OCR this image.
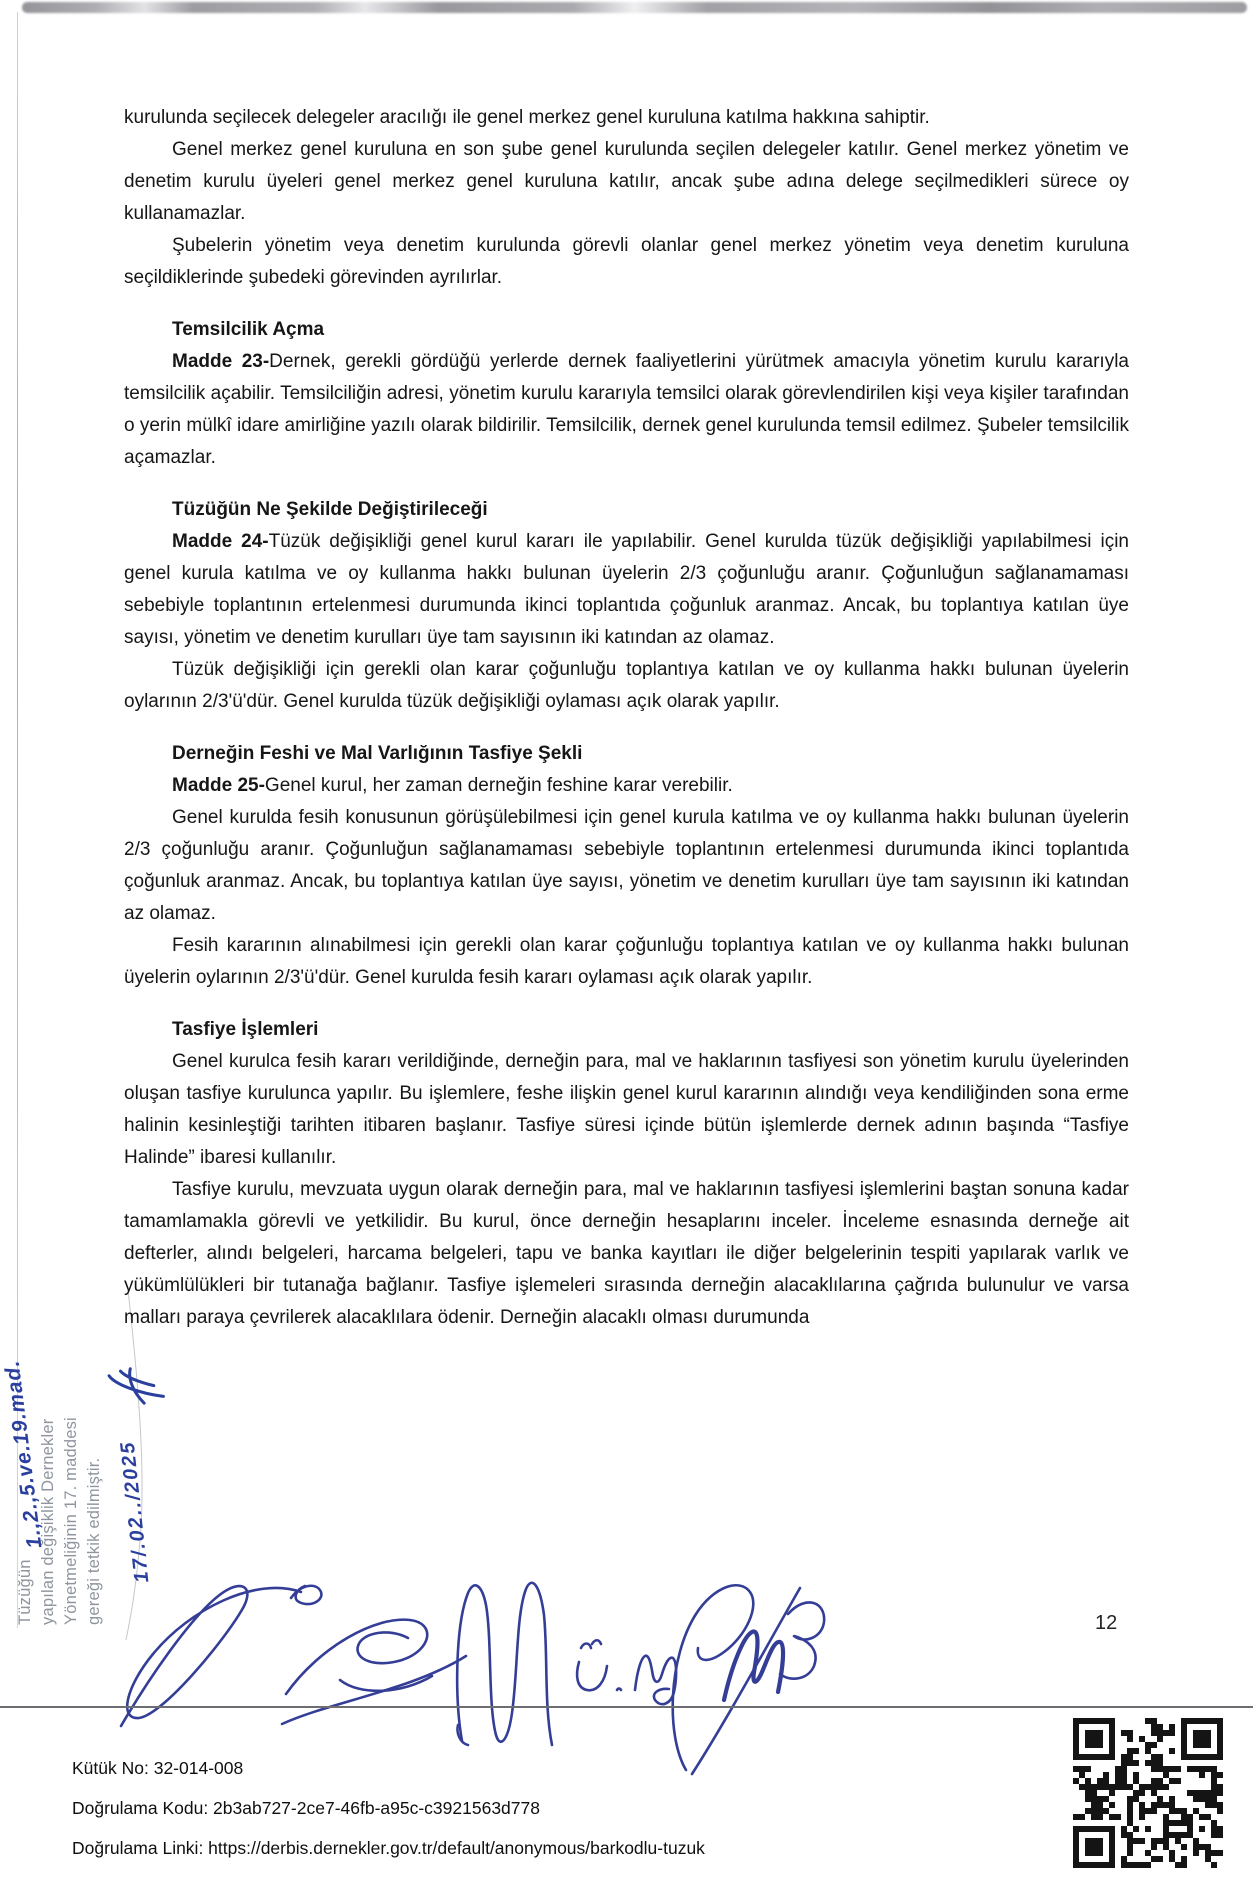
kurulunda seçilecek delegeler aracılığı ile genel merkez genel kuruluna katılma hakkına sahiptir.

Genel merkez genel kuruluna en son şube genel kurulunda seçilen delegeler katılır. Genel merkez yönetim ve denetim kurulu üyeleri genel merkez genel kuruluna katılır, ancak şube adına delege seçilmedikleri sürece oy kullanamazlar.

Şubelerin yönetim veya denetim kurulunda görevli olanlar genel merkez yönetim veya denetim kuruluna seçildiklerinde şubedeki görevinden ayrılırlar.

Temsilcilik Açma

Madde 23-Dernek, gerekli gördüğü yerlerde dernek faaliyetlerini yürütmek amacıyla yönetim kurulu kararıyla temsilcilik açabilir. Temsilciliğin adresi, yönetim kurulu kararıyla temsilci olarak görevlendirilen kişi veya kişiler tarafından o yerin mülkî idare amirliğine yazılı olarak bildirilir. Temsilcilik, dernek genel kurulunda temsil edilmez. Şubeler temsilcilik açamazlar.

Tüzüğün Ne Şekilde Değiştirileceği

Madde 24-Tüzük değişikliği genel kurul kararı ile yapılabilir. Genel kurulda tüzük değişikliği yapılabilmesi için genel kurula katılma ve oy kullanma hakkı bulunan üyelerin 2/3 çoğunluğu aranır. Çoğunluğun sağlanamaması sebebiyle toplantının ertelenmesi durumunda ikinci toplantıda çoğunluk aranmaz. Ancak, bu toplantıya katılan üye sayısı, yönetim ve denetim kurulları üye tam sayısının iki katından az olamaz.

Tüzük değişikliği için gerekli olan karar çoğunluğu toplantıya katılan ve oy kullanma hakkı bulunan üyelerin oylarının 2/3'ü'dür. Genel kurulda tüzük değişikliği oylaması açık olarak yapılır.

Derneğin Feshi ve Mal Varlığının Tasfiye Şekli

Madde 25-Genel kurul, her zaman derneğin feshine karar verebilir.

Genel kurulda fesih konusunun görüşülebilmesi için genel kurula katılma ve oy kullanma hakkı bulunan üyelerin 2/3 çoğunluğu aranır. Çoğunluğun sağlanamaması sebebiyle toplantının ertelenmesi durumunda ikinci toplantıda çoğunluk aranmaz. Ancak, bu toplantıya katılan üye sayısı, yönetim ve denetim kurulları üye tam sayısının iki katından az olamaz.

Fesih kararının alınabilmesi için gerekli olan karar çoğunluğu toplantıya katılan ve oy kullanma hakkı bulunan üyelerin oylarının 2/3'ü'dür. Genel kurulda fesih kararı oylaması açık olarak yapılır.

Tasfiye İşlemleri

Genel kurulca fesih kararı verildiğinde, derneğin para, mal ve haklarının tasfiyesi son yönetim kurulu üyelerinden oluşan tasfiye kurulunca yapılır. Bu işlemlere, feshe ilişkin genel kurul kararının alındığı veya kendiliğinden sona erme halinin kesinleştiği tarihten itibaren başlanır. Tasfiye süresi içinde bütün işlemlerde dernek adının başında “Tasfiye Halinde” ibaresi kullanılır.

Tasfiye kurulu, mevzuata uygun olarak derneğin para, mal ve haklarının tasfiyesi işlemlerini baştan sonuna kadar tamamlamakla görevli ve yetkilidir. Bu kurul, önce derneğin hesaplarını inceler. İnceleme esnasında derneğe ait defterler, alındı belgeleri, harcama belgeleri, tapu ve banka kayıtları ile diğer belgelerinin tespiti yapılarak varlık ve yükümlülükleri bir tutanağa bağlanır. Tasfiye işlemeleri sırasında derneğin alacaklılarına çağrıda bulunulur ve varsa malları paraya çevrilerek alacaklılara ödenir. Derneğin alacaklı olması durumunda

Tüzüğün 1.,2.,5.ve.19.mad.
yapılan değişiklik Dernekler Yönetmeliğinin 17. maddesi gereği tetkik edilmiştir. 17/.02../2025
12
Kütük No: 32-014-008
Doğrulama Kodu: 2b3ab727-2ce7-46fb-a95c-c3921563d778
Doğrulama Linki: https://derbis.dernekler.gov.tr/default/anonymous/barkodlu-tuzuk
